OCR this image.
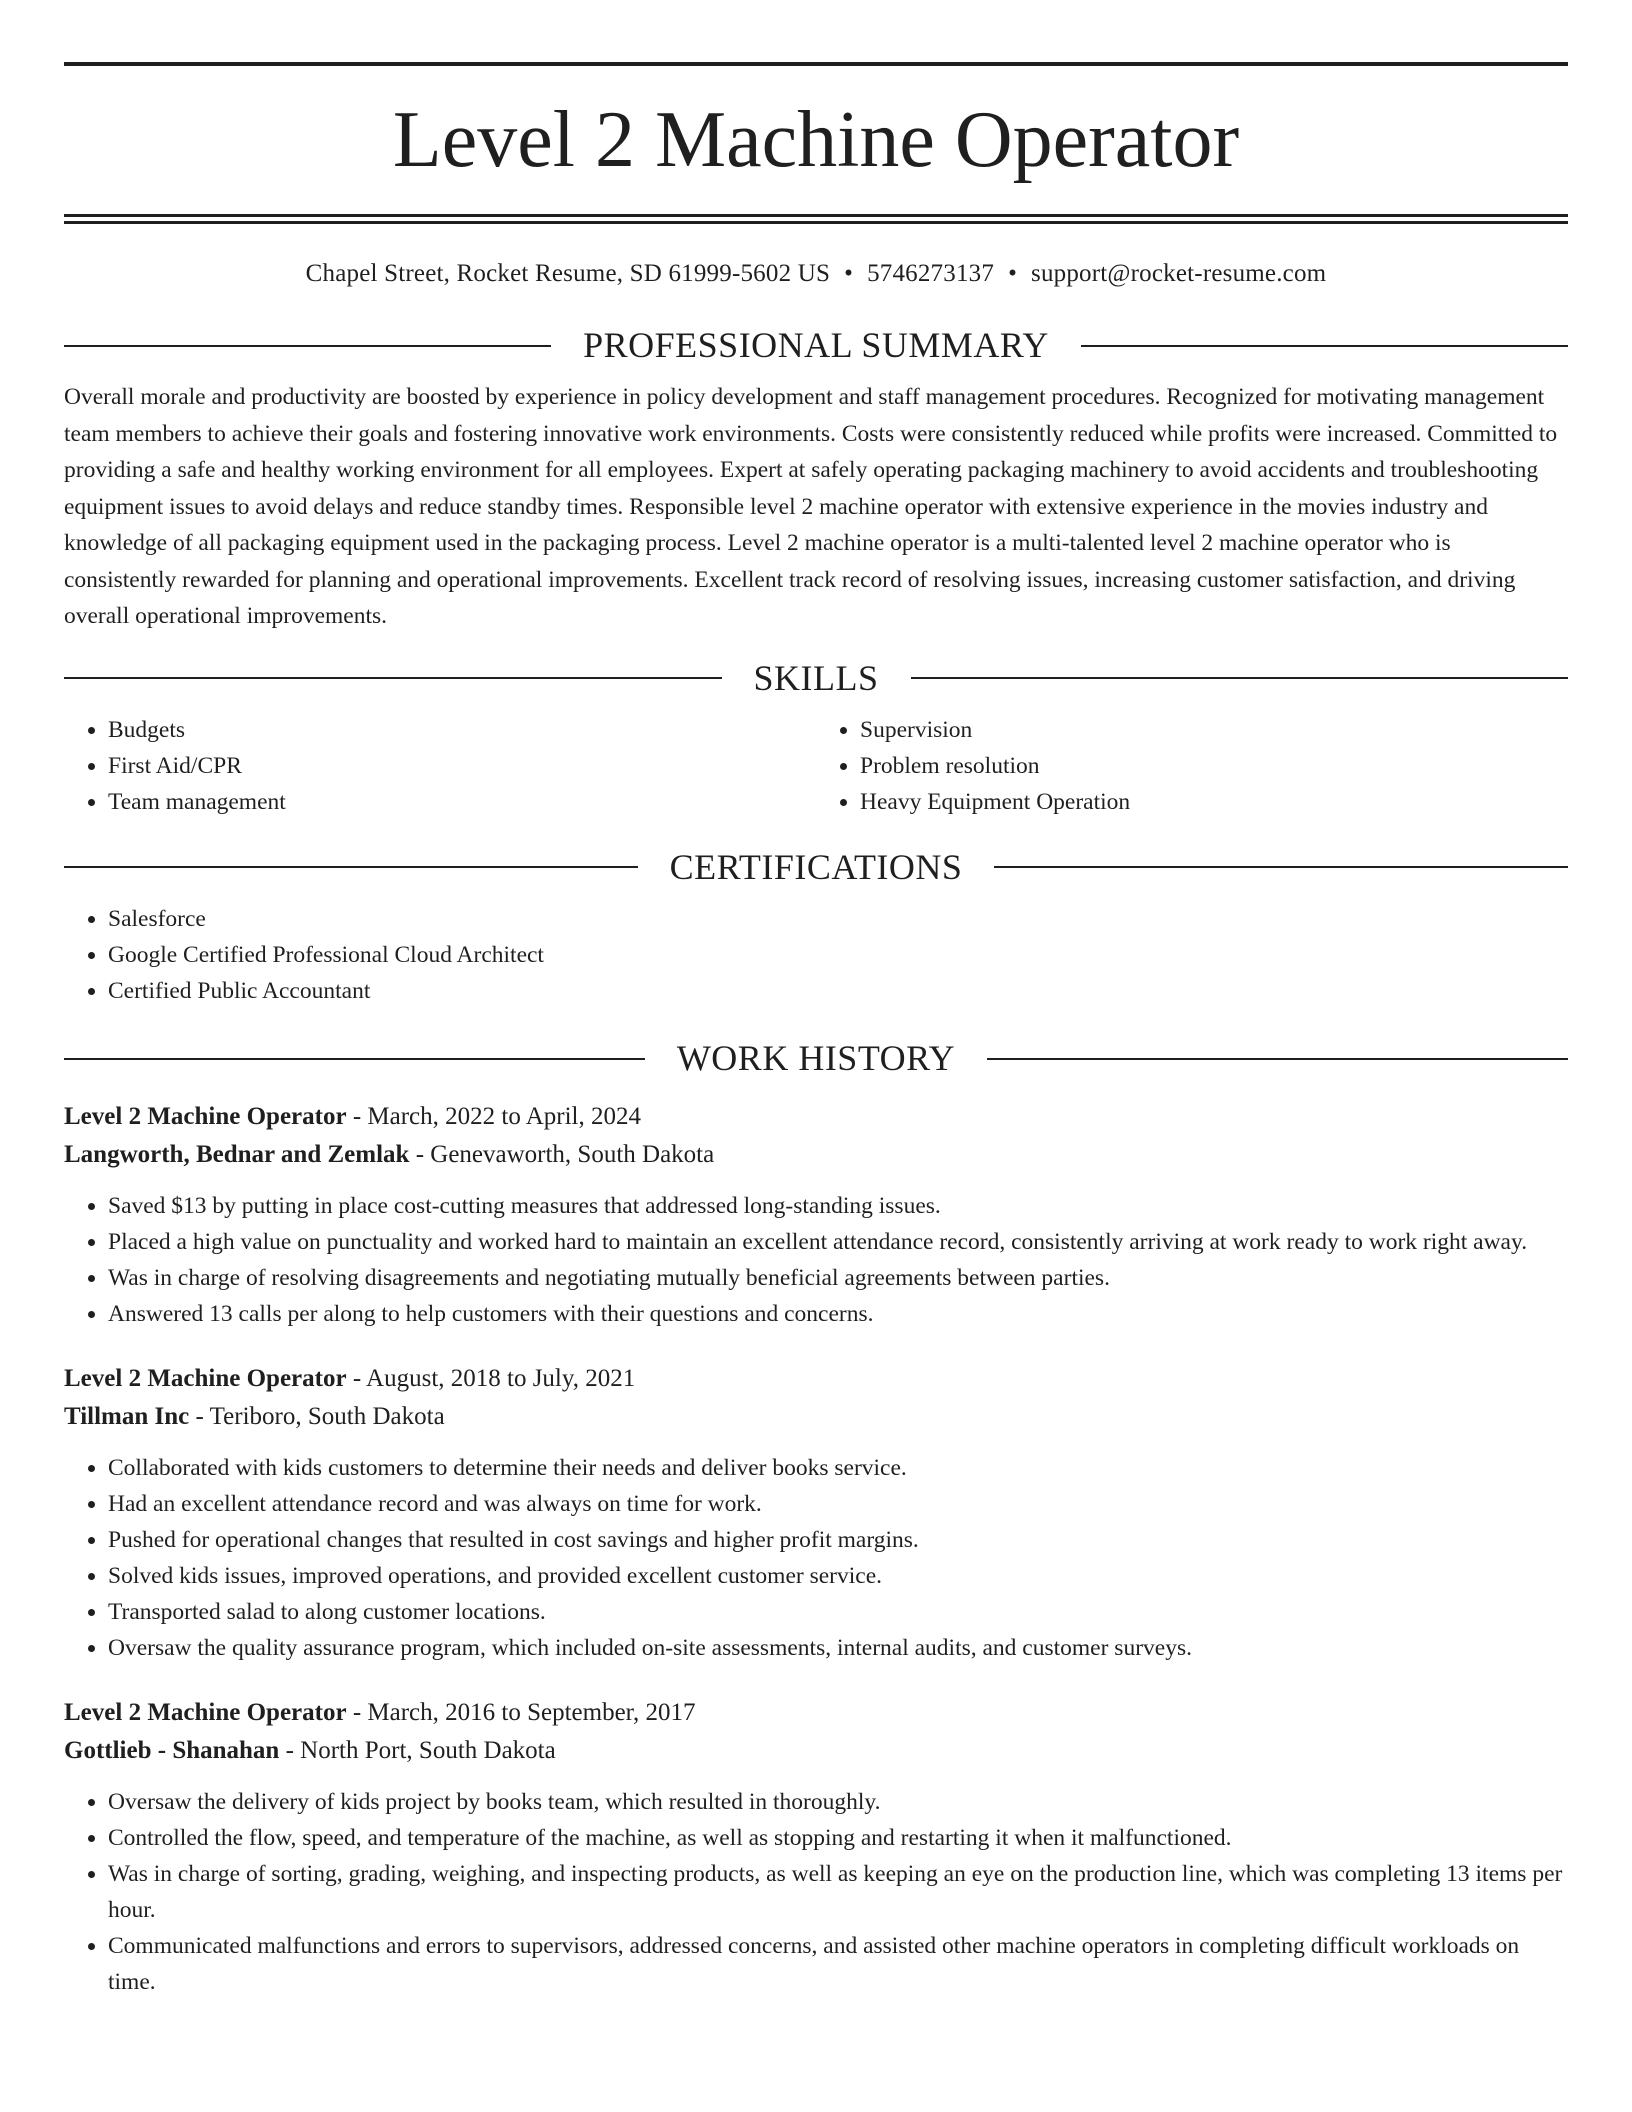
Level 2 Machine Operator
Chapel Street, Rocket Resume, SD 61999-5602 US • 5746273137 • support@rocket-resume.com
PROFESSIONAL SUMMARY

Overall morale and productivity are boosted by experience in policy development and staff management procedures. Recognized for motivating management team members to achieve their goals and fostering innovative work environments. Costs were consistently reduced while profits were increased. Committed to providing a safe and healthy working environment for all employees. Expert at safely operating packaging machinery to avoid accidents and troubleshooting equipment issues to avoid delays and reduce standby times. Responsible level 2 machine operator with extensive experience in the movies industry and knowledge of all packaging equipment used in the packaging process. Level 2 machine operator is a multi-talented level 2 machine operator who is consistently rewarded for planning and operational improvements. Excellent track record of resolving issues, increasing customer satisfaction, and driving overall operational improvements.

SKILLS
• Budgets
• First Aid/CPR
• Team management
• Supervision
• Problem resolution
• Heavy Equipment Operation
CERTIFICATIONS
• Salesforce
• Google Certified Professional Cloud Architect
• Certified Public Accountant
WORK HISTORY
Level 2 Machine Operator - March, 2022 to April, 2024
Langworth, Bednar and Zemlak - Genevaworth, South Dakota
• Saved $13 by putting in place cost-cutting measures that addressed long-standing issues.
• Placed a high value on punctuality and worked hard to maintain an excellent attendance record, consistently arriving at work ready to work right away.
• Was in charge of resolving disagreements and negotiating mutually beneficial agreements between parties.
• Answered 13 calls per along to help customers with their questions and concerns.
Level 2 Machine Operator - August, 2018 to July, 2021
Tillman Inc - Teriboro, South Dakota
• Collaborated with kids customers to determine their needs and deliver books service.
• Had an excellent attendance record and was always on time for work.
• Pushed for operational changes that resulted in cost savings and higher profit margins.
• Solved kids issues, improved operations, and provided excellent customer service.
• Transported salad to along customer locations.
• Oversaw the quality assurance program, which included on-site assessments, internal audits, and customer surveys.
Level 2 Machine Operator - March, 2016 to September, 2017
Gottlieb - Shanahan - North Port, South Dakota
• Oversaw the delivery of kids project by books team, which resulted in thoroughly.
• Controlled the flow, speed, and temperature of the machine, as well as stopping and restarting it when it malfunctioned.
• Was in charge of sorting, grading, weighing, and inspecting products, as well as keeping an eye on the production line, which was completing 13 items per hour.
• Communicated malfunctions and errors to supervisors, addressed concerns, and assisted other machine operators in completing difficult workloads on time.
